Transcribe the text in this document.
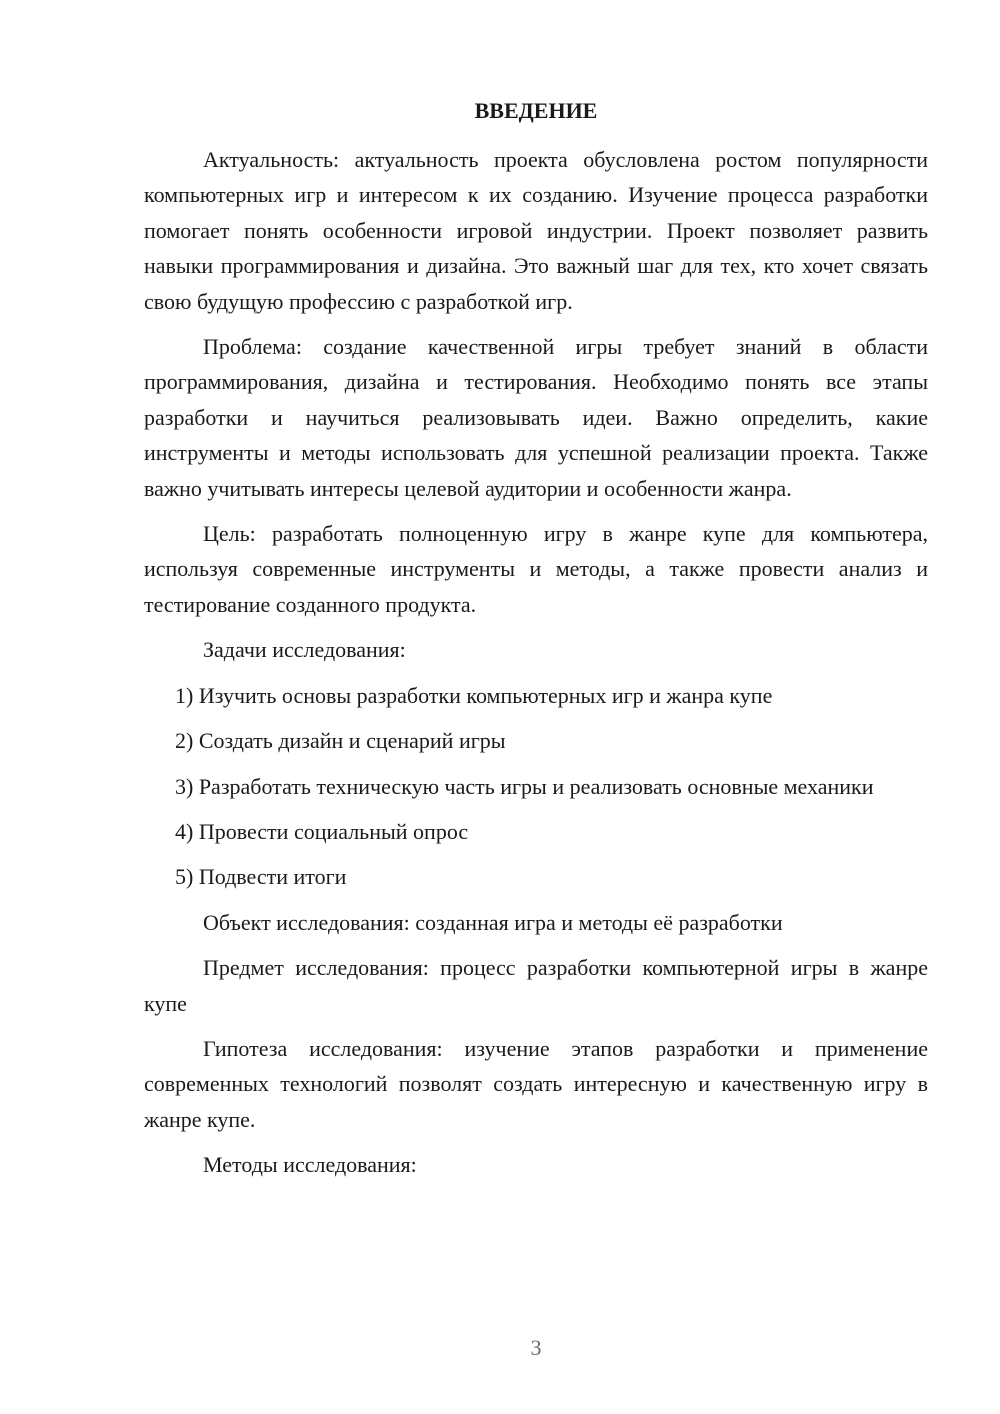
ВВЕДЕНИЕ

Актуальность: актуальность проекта обусловлена ростом популярности компьютерных игр и интересом к их созданию. Изучение процесса разработки помогает понять особенности игровой индустрии. Проект позволяет развить навыки программирования и дизайна. Это важный шаг для тех, кто хочет связать свою будущую профессию с разработкой игр.

Проблема: создание качественной игры требует знаний в области программирования, дизайна и тестирования. Необходимо понять все этапы разработки и научиться реализовывать идеи. Важно определить, какие инструменты и методы использовать для успешной реализации проекта. Также важно учитывать интересы целевой аудитории и особенности жанра.

Цель: разработать полноценную игру в жанре купе для компьютера, используя современные инструменты и методы, а также провести анализ и тестирование созданного продукта.

Задачи исследования:

1) Изучить основы разработки компьютерных игр и жанра купе

2) Создать дизайн и сценарий игры

3) Разработать техническую часть игры и реализовать основные механики

4) Провести социальный опрос

5) Подвести итоги

Объект исследования: созданная игра и методы её разработки

Предмет исследования: процесс разработки компьютерной игры в жанре купе

Гипотеза исследования: изучение этапов разработки и применение современных технологий позволят создать интересную и качественную игру в жанре купе.

Методы исследования:

3
